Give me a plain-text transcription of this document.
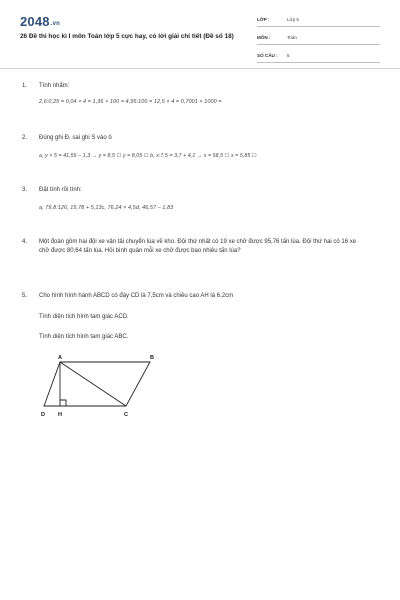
2048.vn
26 Đề thi học kì I môn Toán lớp 5 cực hay, có lời giải chi tiết (Đề số 18)
LỚP :	Lớp 5
MÔN :	Toán
SỐ CÂU : 5
1.	Tính nhẩm:
2,6:0,25 = 0,04 × 4 = 1,36 × 100 = 4,95:100 = 12,5 × 4 = 0,7001 × 1000 =
2.	Đúng ghi Đ, sai ghi S vào ô
a, y × 5 = 41,55 – 1,3 → y = 8,5 ☐ y = 8,05 ☐ b, x:7,5 = 3,7 + 4,1 → x = 58,5 ☐ x = 5,85 ☐
3.	Đặt tính rồi tính:
a, 79,8:126, 15,78 + 5,13c, 76,24 × 4,5d, 46,57 – 1,83
4.	Một đoàn gồm hai đội xe vận tải chuyển lúa về kho. Đội thứ nhất có 19 xe chở được 95,76 tấn lúa. Đội thứ hai có 16 xe chở được 80,64 tấn lúa. Hỏi bình quân mỗi xe chở được bao nhiêu tấn lúa?
5.	Cho hình hình hành ABCD có đáy CD là 7,5cm và chiều cao AH là 6,2cm
Tính diện tích hình tam giác ACD.
Tính diện tích hình tam giác ABC.
A	B
C
D H
